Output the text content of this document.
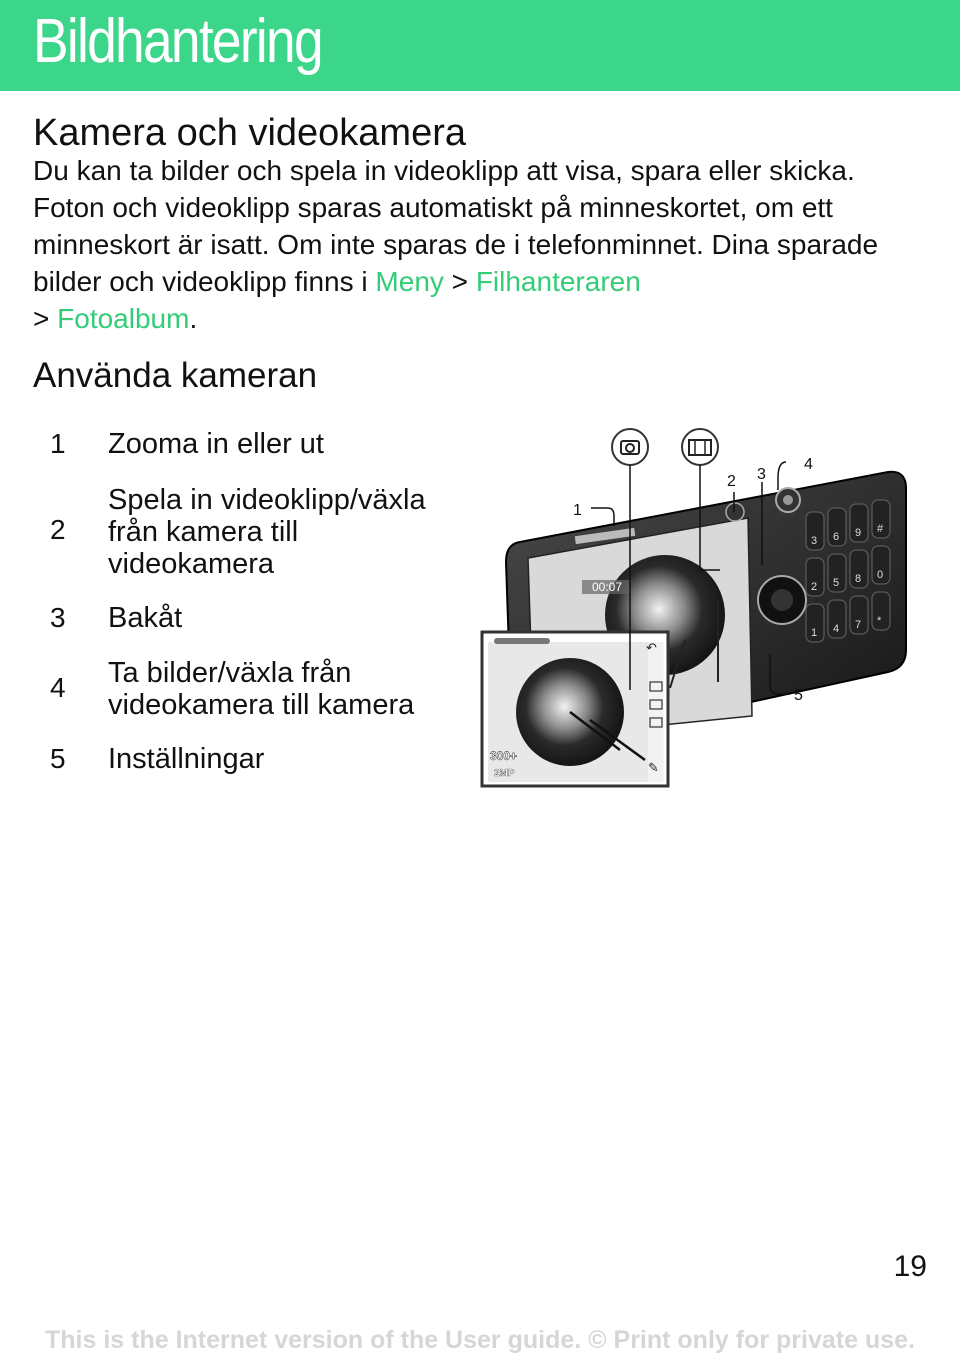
Bildhantering
Kamera och videokamera

Du kan ta bilder och spela in videoklipp att visa, spara eller skicka. Foton och videoklipp sparas automatiskt på minneskortet, om ett minneskort är isatt. Om inte sparas de i telefonminnet. Dina sparade bilder och videoklipp finns i Meny > Filhanteraren
> Fotoalbum.

Använda kameran
1 Zooma in eller ut
2
Spela in videoklipp/växla från kamera till videokamera
3 Bakåt
4 Ta bilder/växla från videokamera till kamera
5 Inställningar
00:07
1
2
3
4
5
6
7
8
9
*
0
#
↶
✎
300+
2MP
1
2 3
4
5
19
This is the Internet version of the User guide. © Print only for private use.
